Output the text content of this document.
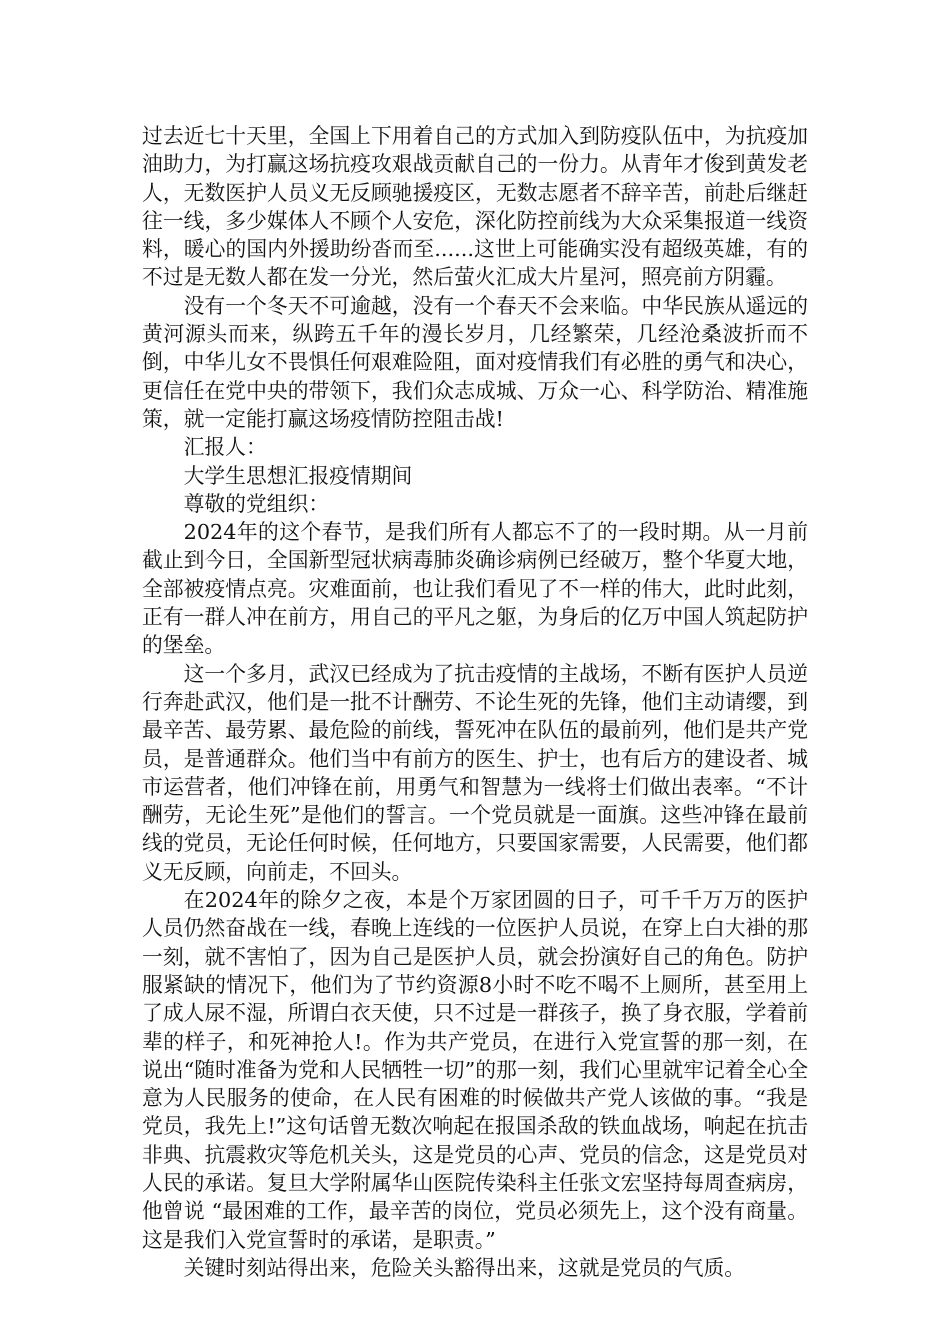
过去近七十天里，全国上下用着自己的方式加入到防疫队伍中，为抗疫加油助力，为打赢这场抗疫攻艰战贡献自己的一份力。从青年才俊到黄发老人，无数医护人员义无反顾驰援疫区，无数志愿者不辞辛苦，前赴后继赶往一线，多少媒体人不顾个人安危，深化防控前线为大众采集报道一线资料，暖心的国内外援助纷沓而至......这世上可能确实没有超级英雄，有的不过是无数人都在发一分光，然后萤火汇成大片星河，照亮前方阴霾。

没有一个冬天不可逾越，没有一个春天不会来临。中华民族从遥远的黄河源头而来，纵跨五千年的漫长岁月，几经繁荣，几经沧桑波折而不倒，中华儿女不畏惧任何艰难险阻，面对疫情我们有必胜的勇气和决心，更信任在党中央的带领下，我们众志成城、万众一心、科学防治、精准施策，就一定能打赢这场疫情防控阻击战!

汇报人：

大学生思想汇报疫情期间

尊敬的党组织：

2024年的这个春节，是我们所有人都忘不了的一段时期。从一月前截止到今日，全国新型冠状病毒肺炎确诊病例已经破万，整个华夏大地，全部被疫情点亮。灾难面前，也让我们看见了不一样的伟大，此时此刻，正有一群人冲在前方，用自己的平凡之躯，为身后的亿万中国人筑起防护的堡垒。

这一个多月，武汉已经成为了抗击疫情的主战场，不断有医护人员逆行奔赴武汉，他们是一批不计酬劳、不论生死的先锋，他们主动请缨，到最辛苦、最劳累、最危险的前线，誓死冲在队伍的最前列，他们是共产党员，是普通群众。他们当中有前方的医生、护士，也有后方的建设者、城市运营者，他们冲锋在前，用勇气和智慧为一线将士们做出表率。“不计酬劳，无论生死”是他们的誓言。一个党员就是一面旗。这些冲锋在最前线的党员，无论任何时候，任何地方，只要国家需要，人民需要，他们都义无反顾，向前走，不回头。

在2024年的除夕之夜，本是个万家团圆的日子，可千千万万的医护人员仍然奋战在一线，春晚上连线的一位医护人员说，在穿上白大褂的那一刻，就不害怕了，因为自己是医护人员，就会扮演好自己的角色。防护服紧缺的情况下，他们为了节约资源8小时不吃不喝不上厕所，甚至用上了成人尿不湿，所谓白衣天使，只不过是一群孩子，换了身衣服，学着前辈的样子，和死神抢人!。作为共产党员，在进行入党宣誓的那一刻，在说出“随时准备为党和人民牺牲一切”的那一刻，我们心里就牢记着全心全意为人民服务的使命，在人民有困难的时候做共产党人该做的事。“我是党员，我先上!”这句话曾无数次响起在报国杀敌的铁血战场，响起在抗击非典、抗震救灾等危机关头，这是党员的心声、党员的信念，这是党员对人民的承诺。复旦大学附属华山医院传染科主任张文宏坚持每周查病房，他曾说 “最困难的工作，最辛苦的岗位，党员必须先上，这个没有商量。这是我们入党宣誓时的承诺，是职责。”

关键时刻站得出来，危险关头豁得出来，这就是党员的气质。
